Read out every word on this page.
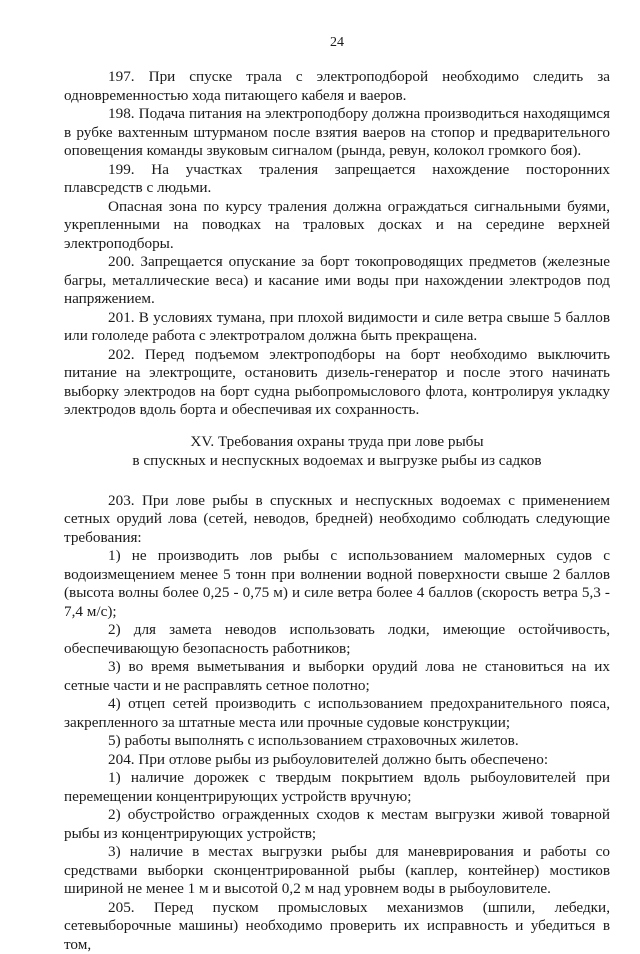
24

197. При спуске трала с электроподборой необходимо следить за одновременностью хода питающего кабеля и ваеров.

198. Подача питания на электроподбору должна производиться находящимся в рубке вахтенным штурманом после взятия ваеров на стопор и предварительного оповещения команды звуковым сигналом (рында, ревун, колокол громкого боя).

199. На участках траления запрещается нахождение посторонних плавсредств с людьми.

Опасная зона по курсу траления должна ограждаться сигнальными буями, укрепленными на поводках на траловых досках и на середине верхней электроподборы.

200. Запрещается опускание за борт токопроводящих предметов (железные багры, металлические веса) и касание ими воды при нахождении электродов под напряжением.

201. В условиях тумана, при плохой видимости и силе ветра свыше 5 баллов или гололеде работа с электротралом должна быть прекращена.

202. Перед подъемом электроподборы на борт необходимо выключить питание на электрощите, остановить дизель-генератор и после этого начинать выборку электродов на борт судна рыбопромыслового флота, контролируя укладку электродов вдоль борта и обеспечивая их сохранность.

XV. Требования охраны труда при лове рыбы
в спускных и неспускных водоемах и выгрузке рыбы из садков

203. При лове рыбы в спускных и неспускных водоемах с применением сетных орудий лова (сетей, неводов, бредней) необходимо соблюдать следующие требования:

1) не производить лов рыбы с использованием маломерных судов с водоизмещением менее 5 тонн при волнении водной поверхности свыше 2 баллов (высота волны более 0,25 - 0,75 м) и силе ветра более 4 баллов (скорость ветра 5,3 - 7,4 м/с);

2) для замета неводов использовать лодки, имеющие остойчивость, обеспечивающую безопасность работников;

3) во время выметывания и выборки орудий лова не становиться на их сетные части и не расправлять сетное полотно;

4) отцеп сетей производить с использованием предохранительного пояса, закрепленного за штатные места или прочные судовые конструкции;

5) работы выполнять с использованием страховочных жилетов.

204. При отлове рыбы из рыбоуловителей должно быть обеспечено:

1) наличие дорожек с твердым покрытием вдоль рыбоуловителей при перемещении концентрирующих устройств вручную;

2) обустройство огражденных сходов к местам выгрузки живой товарной рыбы из концентрирующих устройств;

3) наличие в местах выгрузки рыбы для маневрирования и работы со средствами выборки сконцентрированной рыбы (каплер, контейнер) мостиков шириной не менее 1 м и высотой 0,2 м над уровнем воды в рыбоуловителе.

205. Перед пуском промысловых механизмов (шпили, лебедки, сетевыборочные машины) необходимо проверить их исправность и убедиться в том,
